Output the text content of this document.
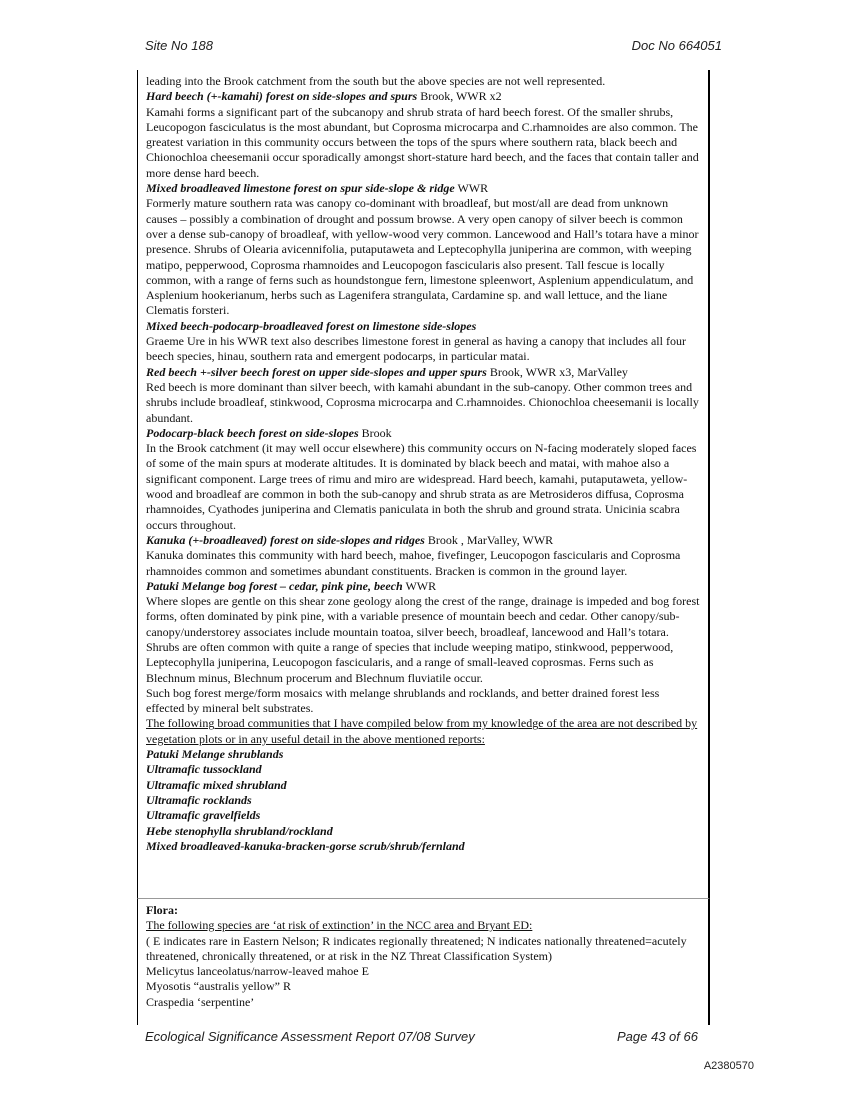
Site No 188	Doc No 664051

leading into the Brook catchment from the south but the above species are not well represented.

Hard beech (+-kamahi) forest on side-slopes and spurs Brook, WWR x2

Kamahi forms a significant part of the subcanopy and shrub strata of hard beech forest. Of the smaller shrubs, Leucopogon fasciculatus is the most abundant, but Coprosma microcarpa and C.rhamnoides are also common. The greatest variation in this community occurs between the tops of the spurs where southern rata, black beech and Chionochloa cheesemanii occur sporadically amongst short-stature hard beech, and the faces that contain taller and more dense hard beech.

Mixed broadleaved limestone forest on spur side-slope & ridge WWR

Formerly mature southern rata was canopy co-dominant with broadleaf, but most/all are dead from unknown causes – possibly a combination of drought and possum browse. A very open canopy of silver beech is common over a dense sub-canopy of broadleaf, with yellow-wood very common. Lancewood and Hall’s totara have a minor presence. Shrubs of Olearia avicennifolia, putaputaweta and Leptecophylla juniperina are common, with weeping matipo, pepperwood, Coprosma rhamnoides and Leucopogon fascicularis also present. Tall fescue is locally common, with a range of ferns such as houndstongue fern, limestone spleenwort, Asplenium appendiculatum, and Asplenium hookerianum, herbs such as Lagenifera strangulata, Cardamine sp. and wall lettuce, and the liane Clematis forsteri.

Mixed beech-podocarp-broadleaved forest on limestone side-slopes

Graeme Ure in his WWR text also describes limestone forest in general as having a canopy that includes all four beech species, hinau, southern rata and emergent podocarps, in particular matai.

Red beech +-silver beech forest on upper side-slopes and upper spurs Brook, WWR x3, MarValley

Red beech is more dominant than silver beech, with kamahi abundant in the sub-canopy. Other common trees and shrubs include broadleaf, stinkwood, Coprosma microcarpa and C.rhamnoides. Chionochloa cheesemanii is locally abundant.

Podocarp-black beech forest on side-slopes Brook

In the Brook catchment (it may well occur elsewhere) this community occurs on N-facing moderately sloped faces of some of the main spurs at moderate altitudes. It is dominated by black beech and matai, with mahoe also a significant component. Large trees of rimu and miro are widespread. Hard beech, kamahi, putaputaweta, yellow-wood and broadleaf are common in both the sub-canopy and shrub strata as are Metrosideros diffusa, Coprosma rhamnoides, Cyathodes juniperina and Clematis paniculata in both the shrub and ground strata. Unicinia scabra occurs throughout.

Kanuka (+-broadleaved) forest on side-slopes and ridges Brook , MarValley, WWR

Kanuka dominates this community with hard beech, mahoe, fivefinger, Leucopogon fascicularis and Coprosma rhamnoides common and sometimes abundant constituents. Bracken is common in the ground layer.

Patuki Melange bog forest – cedar, pink pine, beech WWR

Where slopes are gentle on this shear zone geology along the crest of the range, drainage is impeded and bog forest forms, often dominated by pink pine, with a variable presence of mountain beech and cedar. Other canopy/sub-canopy/understorey associates include mountain toatoa, silver beech, broadleaf, lancewood and Hall’s totara. Shrubs are often common with quite a range of species that include weeping matipo, stinkwood, pepperwood, Leptecophylla juniperina, Leucopogon fascicularis, and a range of small-leaved coprosmas. Ferns such as Blechnum minus, Blechnum procerum and Blechnum fluviatile occur.

Such bog forest merge/form mosaics with melange shrublands and rocklands, and better drained forest less effected by mineral belt substrates.

The following broad communities that I have compiled below from my knowledge of the area are not described by vegetation plots or in any useful detail in the above mentioned reports:

Patuki Melange shrublands

Ultramafic tussockland

Ultramafic mixed shrubland

Ultramafic rocklands

Ultramafic gravelfields

Hebe stenophylla shrubland/rockland

Mixed broadleaved-kanuka-bracken-gorse scrub/shrub/fernland

Flora:

The following species are ‘at risk of extinction’ in the NCC area and Bryant ED:

( E indicates rare in Eastern Nelson; R indicates regionally threatened; N indicates nationally threatened=acutely threatened, chronically threatened, or at risk in the NZ Threat Classification System)

Melicytus lanceolatus/narrow-leaved mahoe E

Myosotis “australis yellow” R

Craspedia ‘serpentine’

Ecological Significance Assessment Report 07/08 Survey	Page 43 of 66
A2380570
